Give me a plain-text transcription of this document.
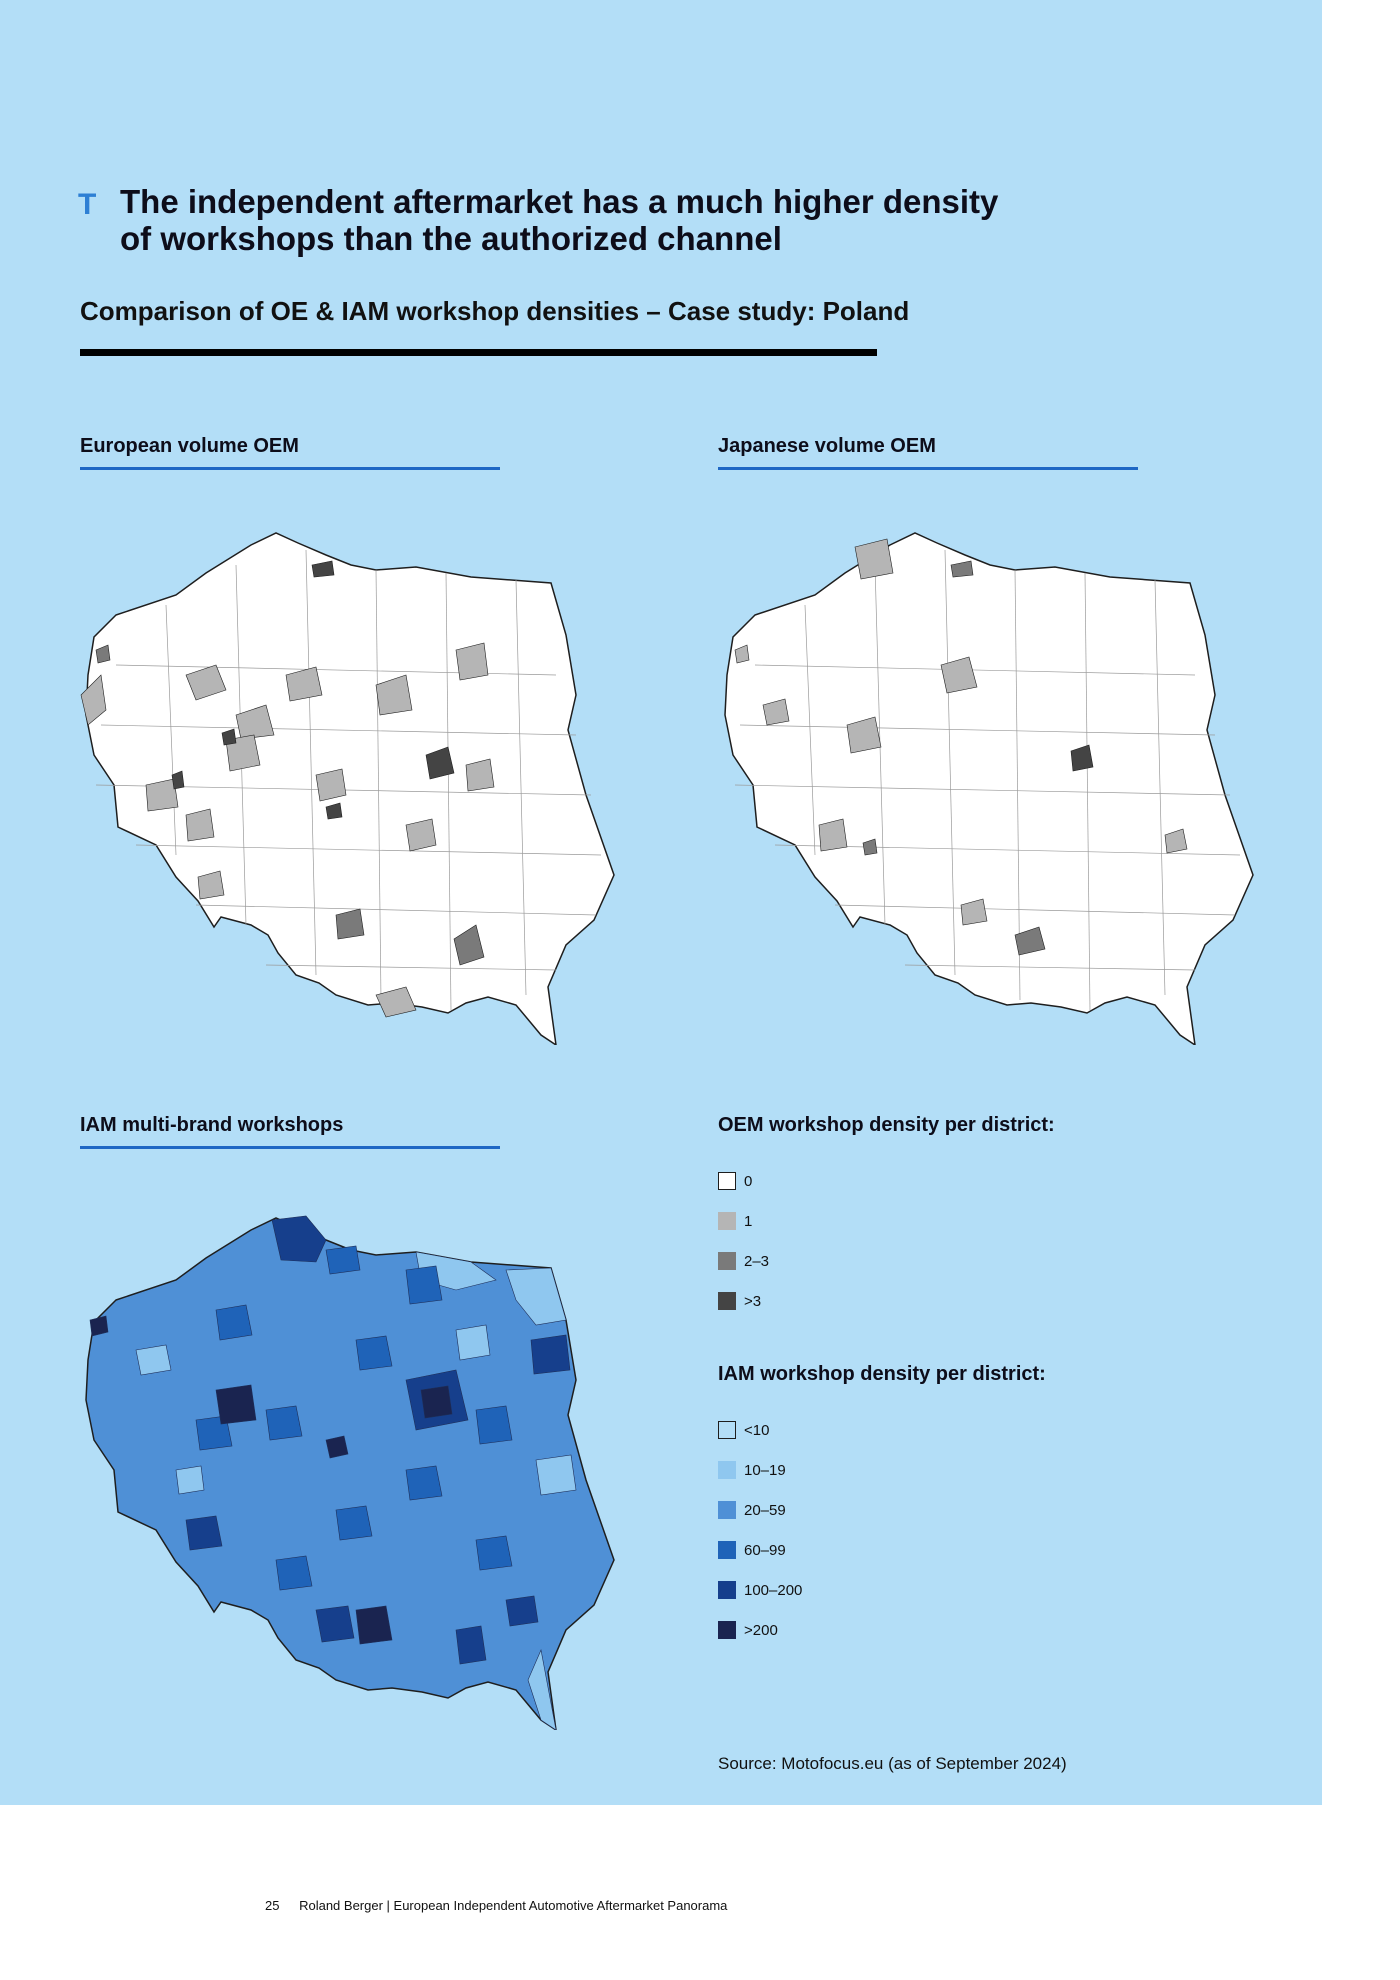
T The independent aftermarket has a much higher density
of workshops than the authorized channel
Comparison of OE & IAM workshop densities – Case study: Poland
European volume OEM	Japanese volume OEM
IAM multi-brand workshops	OEM workshop density per district:
0
1
2–3
>3
IAM workshop density per district:
<10
10–19
20–59
60–99
100–200
>200
Source: Motofocus.eu (as of September 2024)
25 Roland Berger | European Independent Automotive Aftermarket Panorama
